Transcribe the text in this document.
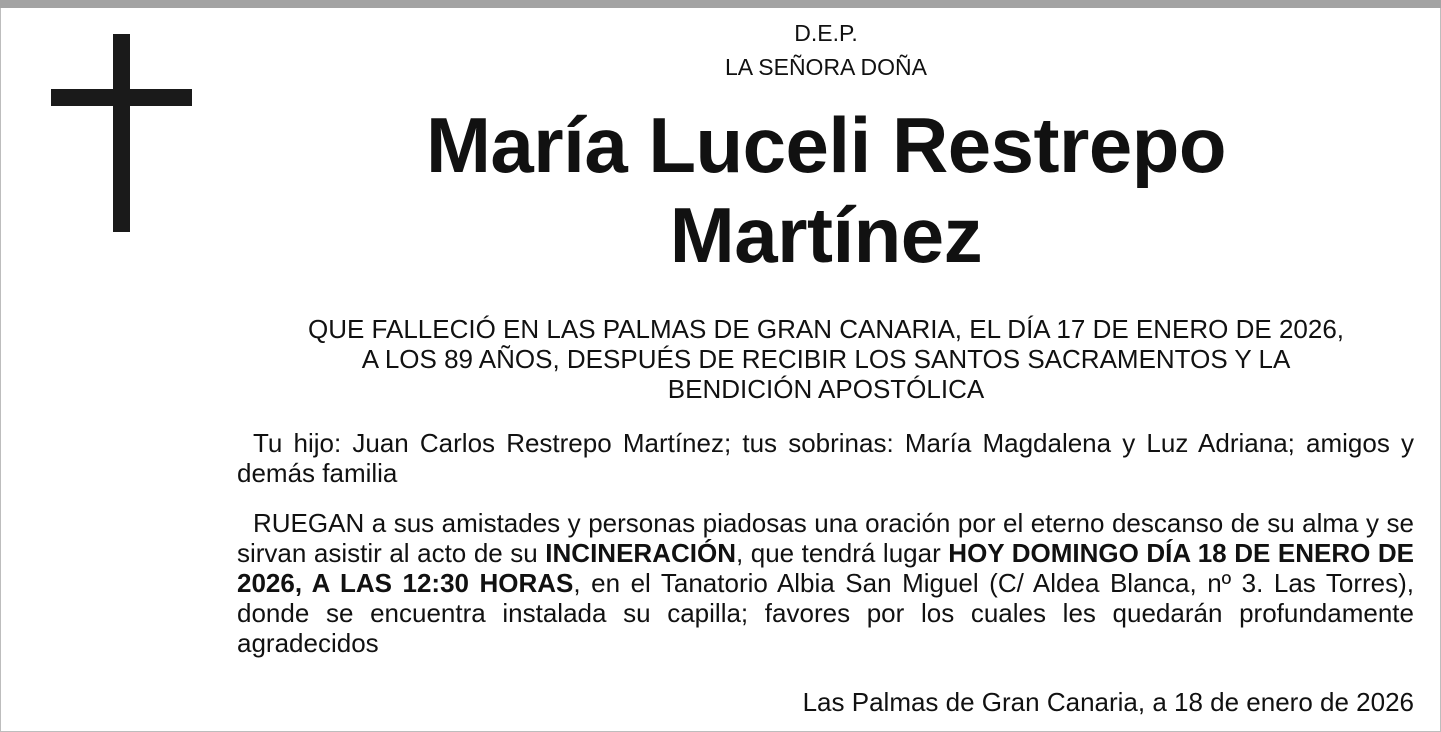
D.E.P.
LA SEÑORA DOÑA
María Luceli Restrepo
Martínez
QUE FALLECIÓ EN LAS PALMAS DE GRAN CANARIA, EL DÍA 17 DE ENERO DE 2026,
A LOS 89 AÑOS, DESPUÉS DE RECIBIR LOS SANTOS SACRAMENTOS Y LA
BENDICIÓN APOSTÓLICA
Tu hijo: Juan Carlos Restrepo Martínez; tus sobrinas: María Magdalena y Luz Adriana; amigos y demás familia
RUEGAN a sus amistades y personas piadosas una oración por el eterno descanso de su alma y se sirvan asistir al acto de su INCINERACIÓN, que tendrá lugar HOY DOMINGO DÍA 18 DE ENERO DE 2026, A LAS 12:30 HORAS, en el Tanatorio Albia San Miguel (C/ Aldea Blanca, nº 3. Las Torres), donde se encuentra instalada su capilla; favores por los cuales les quedarán profundamente agradecidos
Las Palmas de Gran Canaria, a 18 de enero de 2026
